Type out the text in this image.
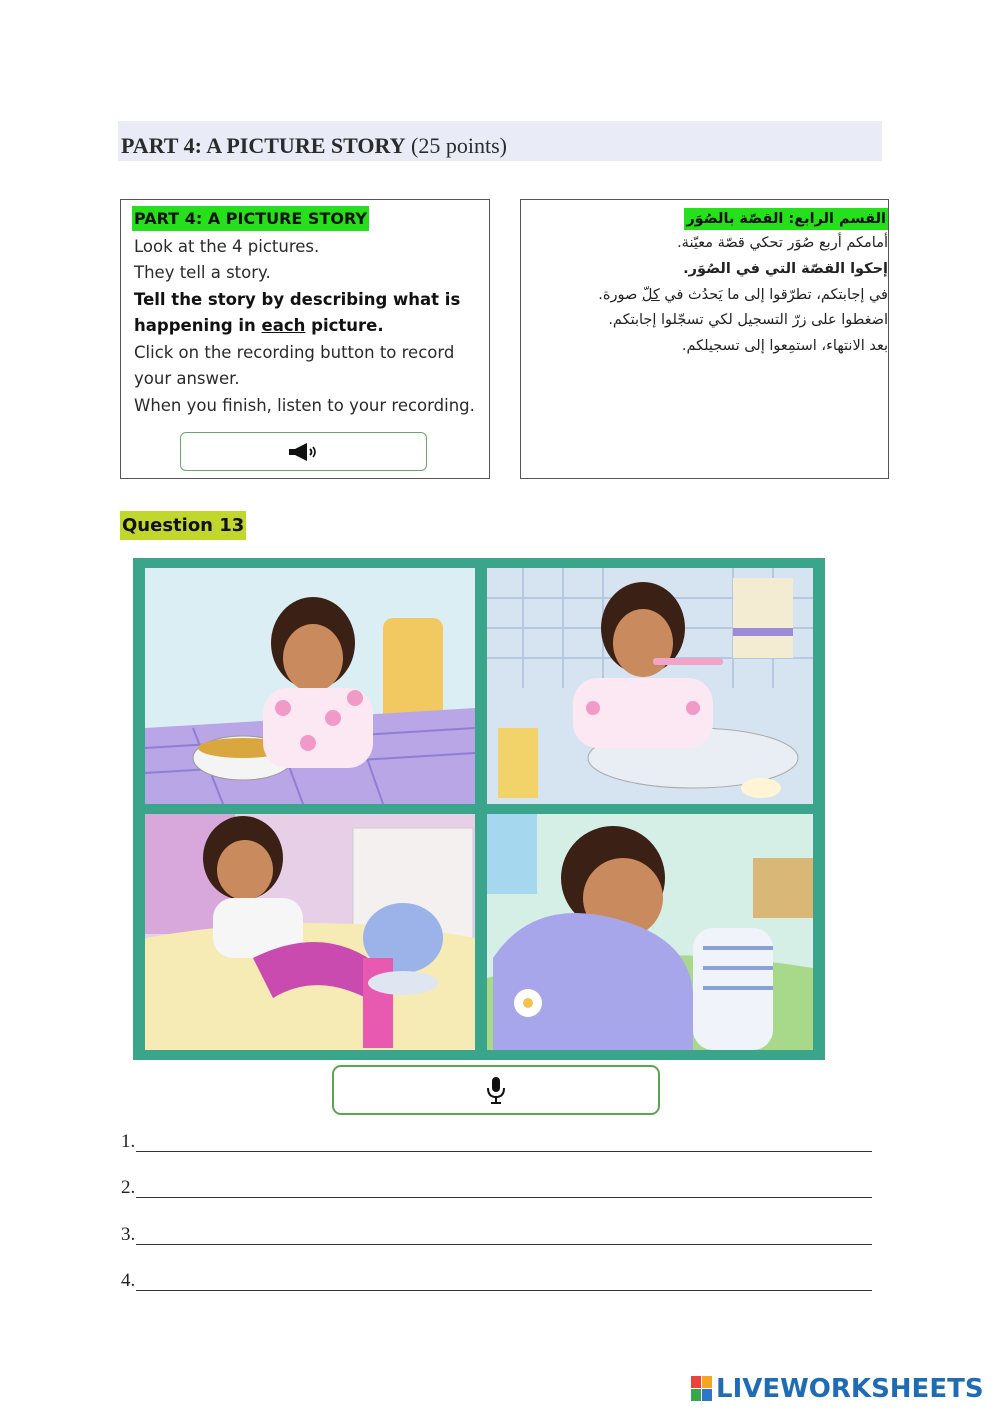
PART 4: A PICTURE STORY (25 points)
PART 4: A PICTURE STORY
Look at the 4 pictures.
They tell a story.
Tell the story by describing what is
happening in each picture.
Click on the recording button to record
your answer.
When you finish, listen to your recording.
القسم الرابع: القصّة بالصُوَر
أمامكم أربع صُوَر تحكي قصّة معيّنة.
إحكوا القصّة التي في الصُوَر.
في إجابتكم، تطرّقوا إلى ما يَحدُث في كلّ صورة.
اضغطوا على زرّ التسجيل لكي تسجّلوا إجابتكم.
بعد الانتهاء، استمِعوا إلى تسجيلكم.
Question 13
1.
2.
3.
4.
LIVEWORKSHEETS
